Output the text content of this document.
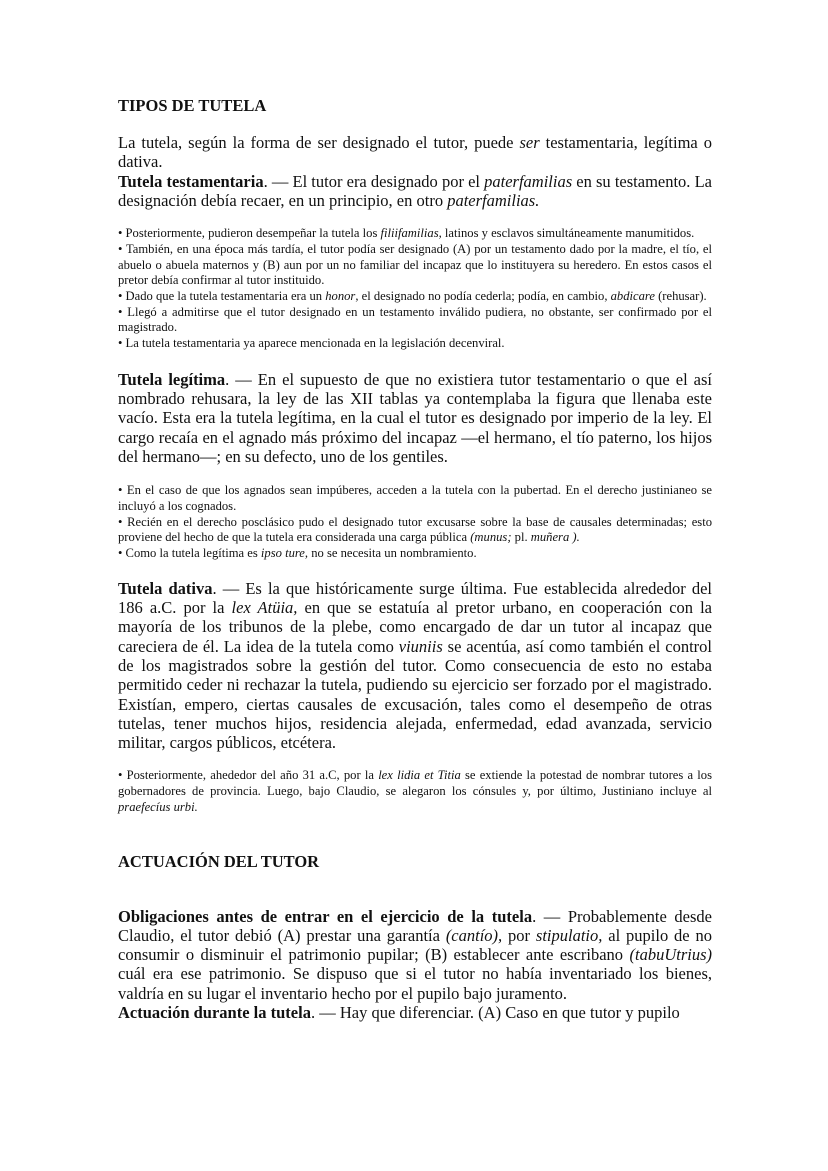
TIPOS DE TUTELA

La tutela, según la forma de ser designado el tutor, puede ser testamentaria, legítima o dativa.

Tutela testamentaria. — El tutor era designado por el paterfamilias en su testamento. La designación debía recaer, en un principio, en otro paterfamilias.

• Posteriormente, pudieron desempeñar la tutela los filiifamilias, latinos y esclavos simultáneamente manumitidos.
• También, en una época más tardía, el tutor podía ser designado (A) por un testamento dado por la madre, el tío, el abuelo o abuela maternos y (B) aun por un no familiar del incapaz que lo instituyera su heredero. En estos casos el pretor debía confirmar al tutor instituido.
• Dado que la tutela testamentaria era un honor, el designado no podía cederla; podía, en cambio, abdicare (rehusar).
• Llegó a admitirse que el tutor designado en un testamento inválido pudiera, no obstante, ser confirmado por el magistrado.
• La tutela testamentaria ya aparece mencionada en la legislación decenviral.

Tutela legítima. — En el supuesto de que no existiera tutor testamentario o que el así nombrado rehusara, la ley de las XII tablas ya contemplaba la figura que llenaba este vacío. Esta era la tutela legítima, en la cual el tutor es designado por imperio de la ley. El cargo recaía en el agnado más próximo del incapaz —el hermano, el tío paterno, los hijos del hermano—; en su defecto, uno de los gentiles.

• En el caso de que los agnados sean impúberes, acceden a la tutela con la pubertad. En el derecho justinianeo se incluyó a los cognados.
• Recién en el derecho posclásico pudo el designado tutor excusarse sobre la base de causales determinadas; esto proviene del hecho de que la tutela era considerada una carga pública (munus; pl. muñera ).
• Como la tutela legítima es ipso ture, no se necesita un nombramiento.

Tutela dativa. — Es la que históricamente surge última. Fue establecida alrededor del 186 a.C. por la lex Atüia, en que se estatuía al pretor urbano, en cooperación con la mayoría de los tribunos de la plebe, como encargado de dar un tutor al incapaz que careciera de él. La idea de la tutela como viuniis se acentúa, así como también el control de los magistrados sobre la gestión del tutor. Como consecuencia de esto no estaba permitido ceder ni rechazar la tutela, pudiendo su ejercicio ser forzado por el magistrado. Existían, empero, ciertas causales de excusación, tales como el desempeño de otras tutelas, tener muchos hijos, residencia alejada, enfermedad, edad avanzada, servicio militar, cargos públicos, etcétera.

• Posteriormente, ahededor del año 31 a.C, por la lex lidia et Titia se extiende la potestad de nombrar tutores a los gobernadores de provincia. Luego, bajo Claudio, se alegaron los cónsules y, por último, Justiniano incluye al praefecíus urbi.
ACTUACIÓN DEL TUTOR

Obligaciones antes de entrar en el ejercicio de la tutela. — Probablemente desde Claudio, el tutor debió (A) prestar una garantía (cantío), por stipulatio, al pupilo de no consumir o disminuir el patrimonio pupilar; (B) establecer ante escribano (tabuUtrius) cuál era ese patrimonio. Se dispuso que si el tutor no había inventariado los bienes, valdría en su lugar el inventario hecho por el pupilo bajo juramento.

Actuación durante la tutela. — Hay que diferenciar. (A) Caso en que tutor y pupilo
